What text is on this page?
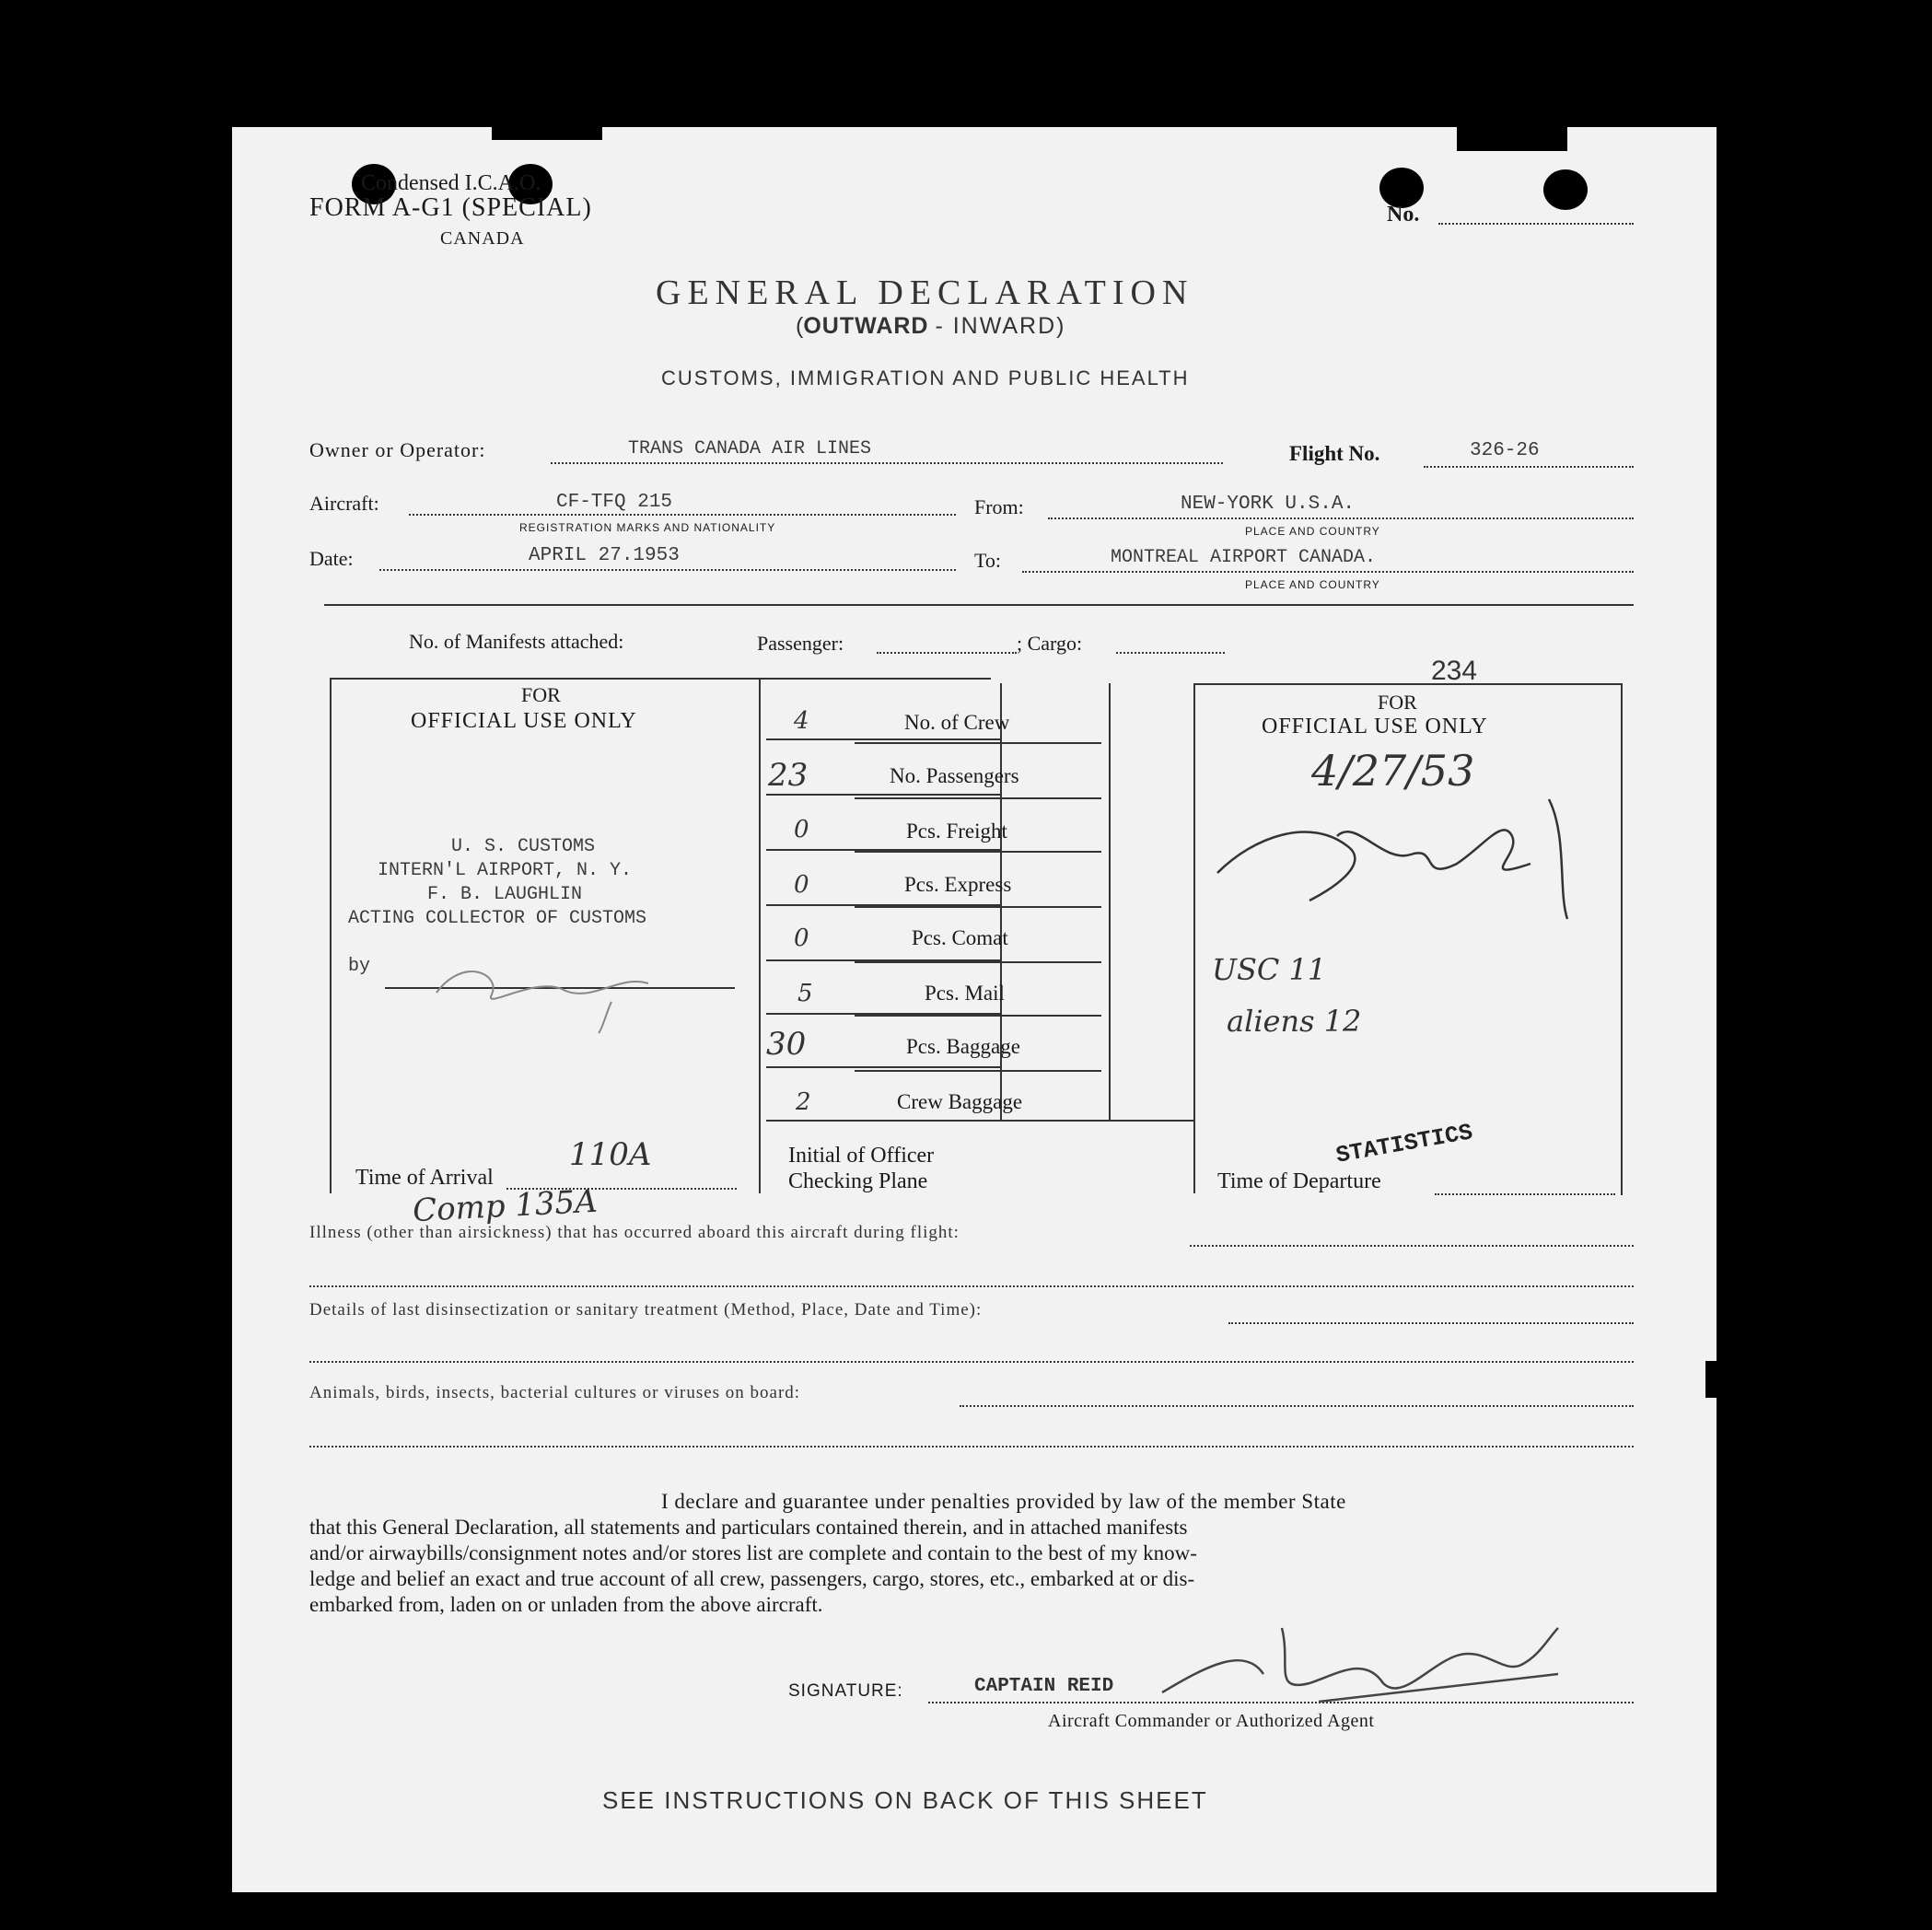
Condensed I.C.A.O.
FORM A-G1 (SPECIAL)
CANADA
No.
GENERAL DECLARATION
(OUTWARD - INWARD)
CUSTOMS, IMMIGRATION AND PUBLIC HEALTH
Owner or Operator:	TRANS CANADA AIR LINES	Flight No.	326-26
Aircraft:	CF-TFQ 215
REGISTRATION MARKS AND NATIONALITY
From:	NEW-YORK U.S.A.
PLACE AND COUNTRY
Date:	APRIL 27.1953	To:	MONTREAL AIRPORT CANADA.
PLACE AND COUNTRY
No. of Manifests attached:	Passenger:	; Cargo:
FOR
OFFICIAL USE ONLY
U. S. CUSTOMS
INTERN'L AIRPORT, N. Y.
F. B. LAUGHLIN
ACTING COLLECTOR OF CUSTOMS
by
Time of Arrival
110A
4	No. of Crew
23	No. Passengers
0	Pcs. Freight
0	Pcs. Express
0	Pcs. Comat
5	Pcs. Mail
30	Pcs. Baggage
2	Crew Baggage
Initial of Officer
Checking Plane
234
FOR
OFFICIAL USE ONLY
4/27/53
USC 11
aliens 12
STATISTICS
Time of Departure
Comp 135A
Illness (other than airsickness) that has occurred aboard this aircraft during flight:
Details of last disinsectization or sanitary treatment (Method, Place, Date and Time):
Animals, birds, insects, bacterial cultures or viruses on board:
I declare and guarantee under penalties provided by law of the member State
that this General Declaration, all statements and particulars contained therein, and in attached manifests
and/or airwaybills/consignment notes and/or stores list are complete and contain to the best of my know-
ledge and belief an exact and true account of all crew, passengers, cargo, stores, etc., embarked at or dis-
embarked from, laden on or unladen from the above aircraft.
SIGNATURE:	CAPTAIN REID
Aircraft Commander or Authorized Agent
SEE INSTRUCTIONS ON BACK OF THIS SHEET
